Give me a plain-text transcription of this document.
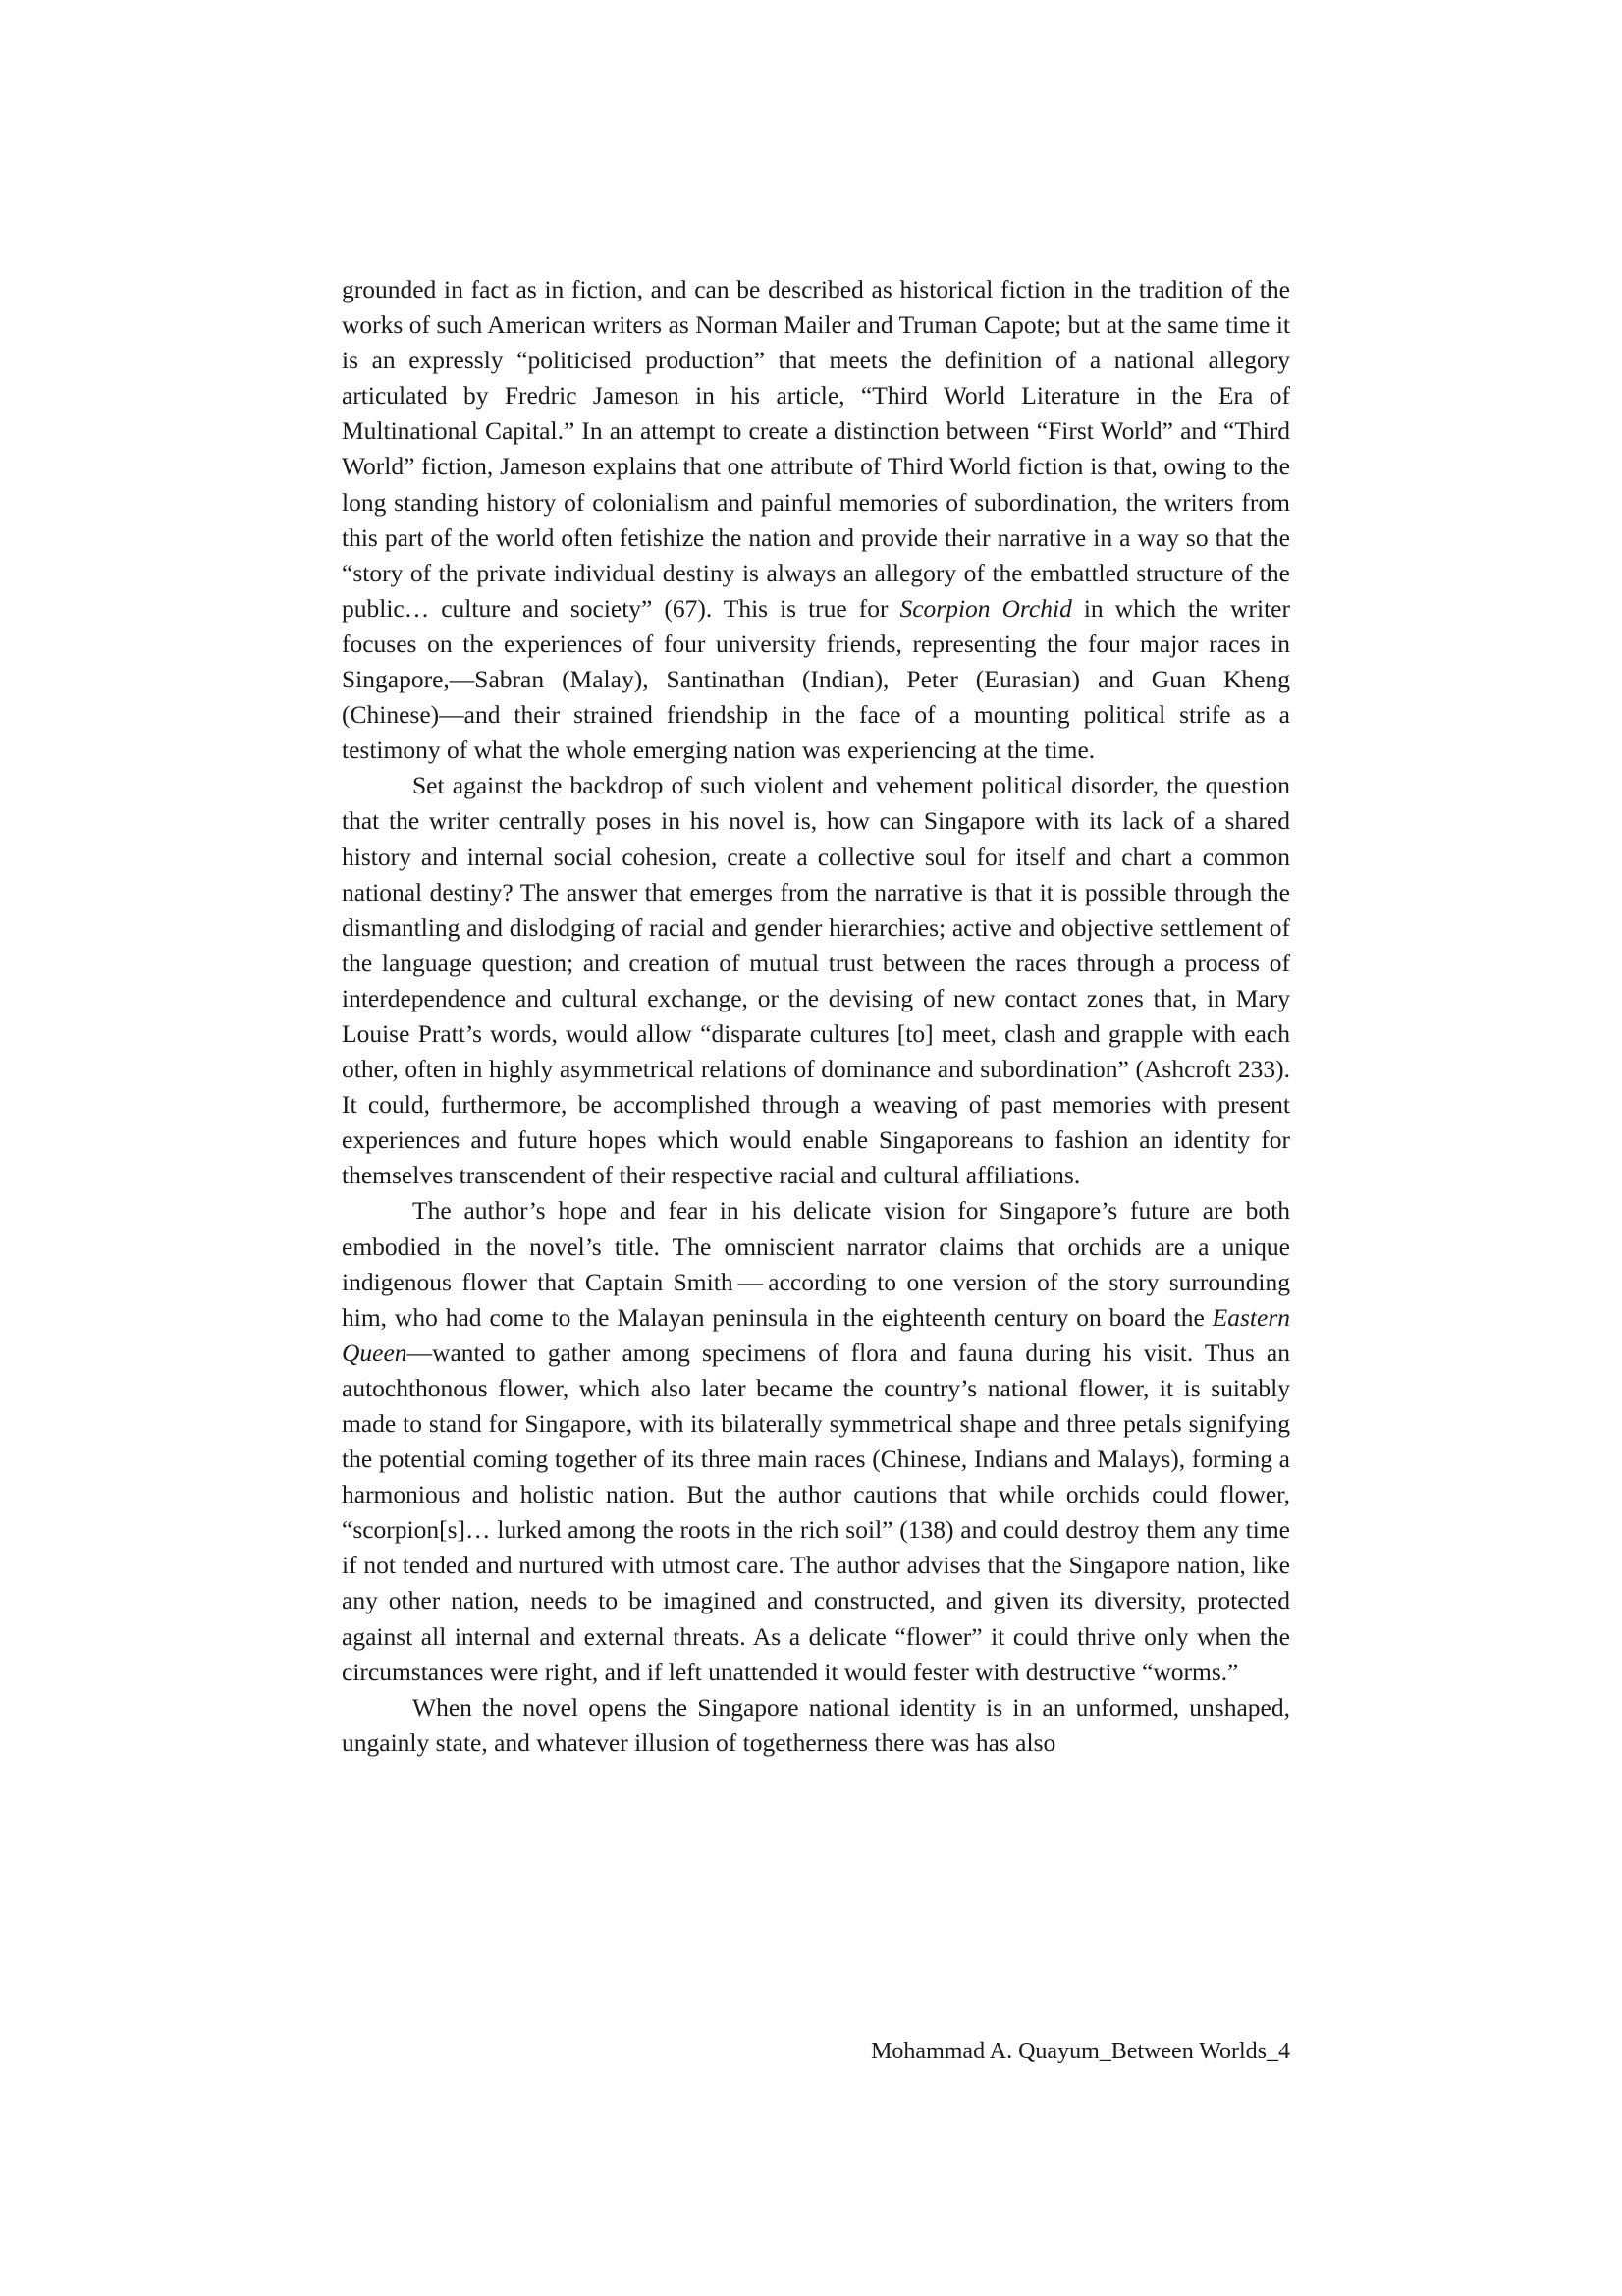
grounded in fact as in fiction, and can be described as historical fiction in the tradition of the works of such American writers as Norman Mailer and Truman Capote; but at the same time it is an expressly “politicised production” that meets the definition of a national allegory articulated by Fredric Jameson in his article, “Third World Literature in the Era of Multinational Capital.” In an attempt to create a distinction between “First World” and “Third World” fiction, Jameson explains that one attribute of Third World fiction is that, owing to the long standing history of colonialism and painful memories of subordination, the writers from this part of the world often fetishize the nation and provide their narrative in a way so that the “story of the private individual destiny is always an allegory of the embattled structure of the public… culture and society” (67). This is true for Scorpion Orchid in which the writer focuses on the experiences of four university friends, representing the four major races in Singapore,—Sabran (Malay), Santinathan (Indian), Peter (Eurasian) and Guan Kheng (Chinese)—and their strained friendship in the face of a mounting political strife as a testimony of what the whole emerging nation was experiencing at the time.

Set against the backdrop of such violent and vehement political disorder, the question that the writer centrally poses in his novel is, how can Singapore with its lack of a shared history and internal social cohesion, create a collective soul for itself and chart a common national destiny? The answer that emerges from the narrative is that it is possible through the dismantling and dislodging of racial and gender hierarchies; active and objective settlement of the language question; and creation of mutual trust between the races through a process of interdependence and cultural exchange, or the devising of new contact zones that, in Mary Louise Pratt’s words, would allow “disparate cultures [to] meet, clash and grapple with each other, often in highly asymmetrical relations of dominance and subordination” (Ashcroft 233). It could, furthermore, be accomplished through a weaving of past memories with present experiences and future hopes which would enable Singaporeans to fashion an identity for themselves transcendent of their respective racial and cultural affiliations.

The author’s hope and fear in his delicate vision for Singapore’s future are both embodied in the novel’s title. The omniscient narrator claims that orchids are a unique indigenous flower that Captain Smith — according to one version of the story surrounding him, who had come to the Malayan peninsula in the eighteenth century on board the Eastern Queen—wanted to gather among specimens of flora and fauna during his visit. Thus an autochthonous flower, which also later became the country’s national flower, it is suitably made to stand for Singapore, with its bilaterally symmetrical shape and three petals signifying the potential coming together of its three main races (Chinese, Indians and Malays), forming a harmonious and holistic nation. But the author cautions that while orchids could flower, “scorpion[s]… lurked among the roots in the rich soil” (138) and could destroy them any time if not tended and nurtured with utmost care. The author advises that the Singapore nation, like any other nation, needs to be imagined and constructed, and given its diversity, protected against all internal and external threats. As a delicate “flower” it could thrive only when the circumstances were right, and if left unattended it would fester with destructive “worms.”

When the novel opens the Singapore national identity is in an unformed, unshaped, ungainly state, and whatever illusion of togetherness there was has also

Mohammad A. Quayum_Between Worlds_4
